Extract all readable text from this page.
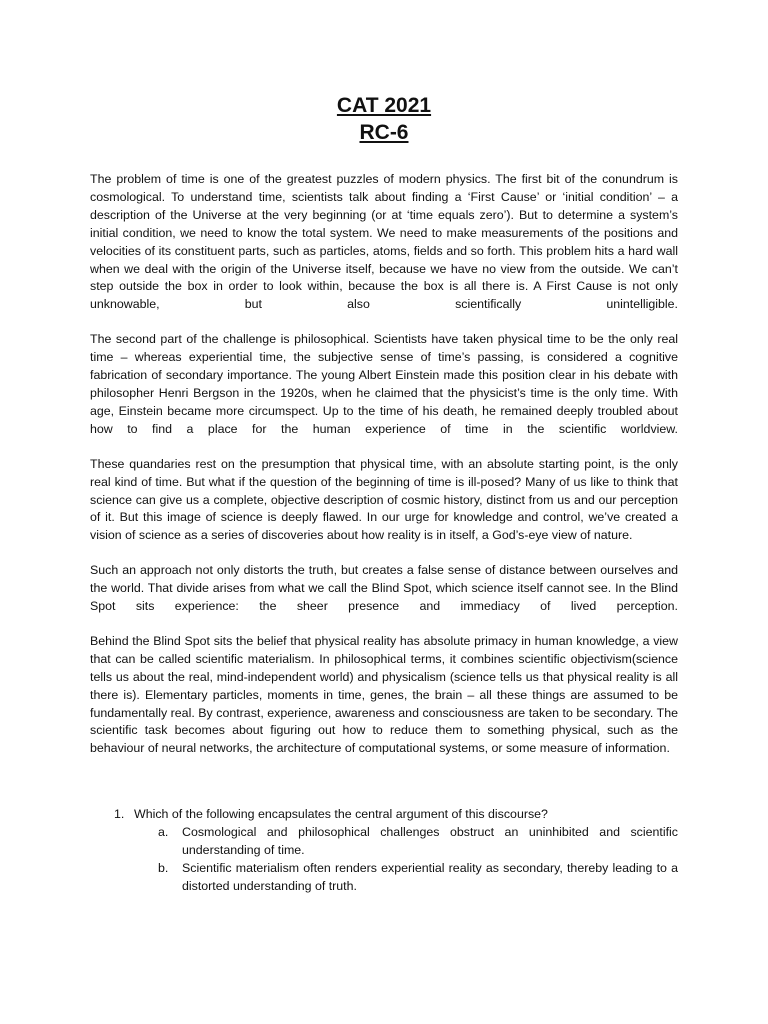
CAT 2021

RC-6

The problem of time is one of the greatest puzzles of modern physics. The first bit of the conundrum is cosmological. To understand time, scientists talk about finding a ‘First Cause’ or ‘initial condition’ – a description of the Universe at the very beginning (or at ‘time equals zero’). But to determine a system’s initial condition, we need to know the total system. We need to make measurements of the positions and velocities of its constituent parts, such as particles, atoms, fields and so forth. This problem hits a hard wall when we deal with the origin of the Universe itself, because we have no view from the outside. We can’t step outside the box in order to look within, because the box is all there is. A First Cause is not only unknowable, but also scientifically unintelligible.

The second part of the challenge is philosophical. Scientists have taken physical time to be the only real time – whereas experiential time, the subjective sense of time’s passing, is considered a cognitive fabrication of secondary importance. The young Albert Einstein made this position clear in his debate with philosopher Henri Bergson in the 1920s, when he claimed that the physicist’s time is the only time. With age, Einstein became more circumspect. Up to the time of his death, he remained deeply troubled about how to find a place for the human experience of time in the scientific worldview.

These quandaries rest on the presumption that physical time, with an absolute starting point, is the only real kind of time. But what if the question of the beginning of time is ill-posed? Many of us like to think that science can give us a complete, objective description of cosmic history, distinct from us and our perception of it. But this image of science is deeply flawed. In our urge for knowledge and control, we’ve created a vision of science as a series of discoveries about how reality is in itself, a God’s-eye view of nature.

Such an approach not only distorts the truth, but creates a false sense of distance between ourselves and the world. That divide arises from what we call the Blind Spot, which science itself cannot see. In the Blind Spot sits experience: the sheer presence and immediacy of lived perception.

Behind the Blind Spot sits the belief that physical reality has absolute primacy in human knowledge, a view that can be called scientific materialism. In philosophical terms, it combines scientific objectivism(science tells us about the real, mind-independent world) and physicalism (science tells us that physical reality is all there is). Elementary particles, moments in time, genes, the brain – all these things are assumed to be fundamentally real. By contrast, experience, awareness and consciousness are taken to be secondary. The scientific task becomes about figuring out how to reduce them to something physical, such as the behaviour of neural networks, the architecture of computational systems, or some measure of information.

1. Which of the following encapsulates the central argument of this discourse?
a.	Cosmological and philosophical challenges obstruct an uninhibited and scientific understanding of time.
b.	Scientific materialism often renders experiential reality as secondary, thereby leading to a distorted understanding of truth.
